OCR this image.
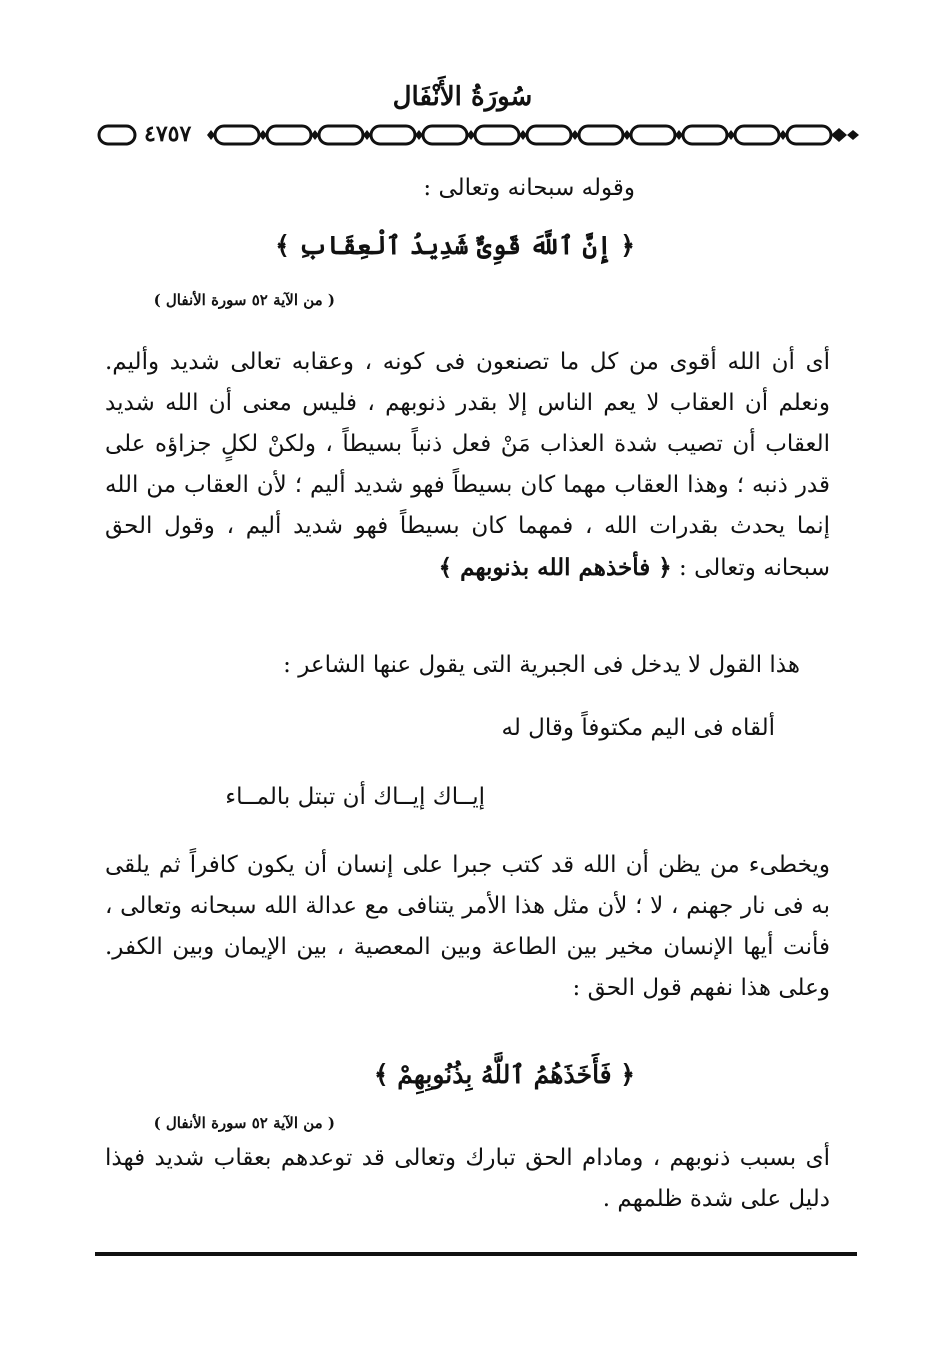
سُورَةُ الأَنْفَال
٤٧٥٧
وقوله سبحانه وتعالى :
﴿ إِنَّ ٱللَّهَ قَوِىٌّ شَدِيدُ ٱلْعِقَابِ ﴾
( من الآية ٥٢ سورة الأنفال )
أى أن الله أقوى من كل ما تصنعون فى كونه ، وعقابه تعالى شديد وأليم. ونعلم أن العقاب لا يعم الناس إلا بقدر ذنوبهم ، فليس معنى أن الله شديد العقاب أن تصيب شدة العذاب مَنْ فعل ذنباً بسيطاً ، ولكنْ لكلٍ جزاؤه على قدر ذنبه ؛ وهذا العقاب مهما كان بسيطاً فهو شديد أليم ؛ لأن العقاب من الله إنما يحدث بقدرات الله ، فمهما كان بسيطاً فهو شديد أليم ، وقول الحق سبحانه وتعالى : ﴿ فأخذهم الله بذنوبهم ﴾
هذا القول لا يدخل فى الجبرية التى يقول عنها الشاعر :
ألقاه فى اليم مكتوفاً وقال له
إيــاك إيــاك أن تبتل بالمــاء
ويخطىء من يظن أن الله قد كتب جبرا على إنسان أن يكون كافراً ثم يلقى به فى نار جهنم ، لا ؛ لأن مثل هذا الأمر يتنافى مع عدالة الله سبحانه وتعالى ، فأنت أيها الإنسان مخير بين الطاعة وبين المعصية ، بين الإيمان وبين الكفر. وعلى هذا نفهم قول الحق :
﴿ فَأَخَذَهُمُ ٱللَّهُ بِذُنُوبِهِمْ ﴾
( من الآية ٥٢ سورة الأنفال )
أى بسبب ذنوبهم ، ومادام الحق تبارك وتعالى قد توعدهم بعقاب شديد فهذا دليل على شدة ظلمهم .
